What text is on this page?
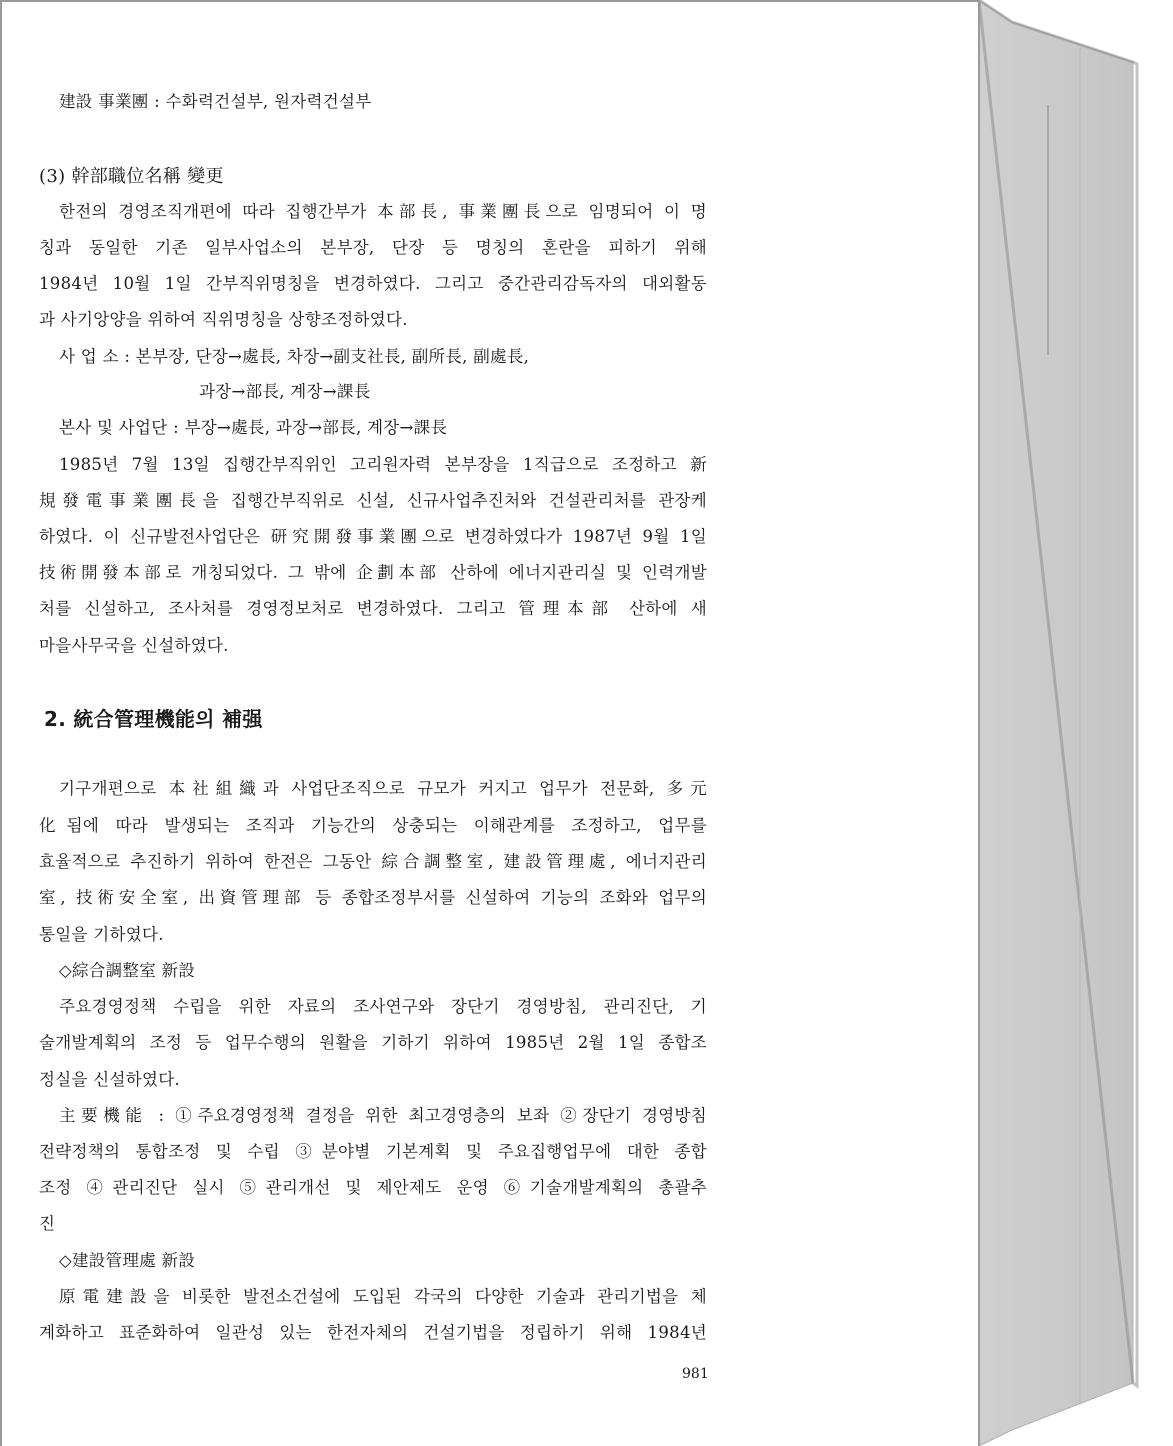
建設 事業團 : 수화력건설부, 원자력건설부
(3) 幹部職位名稱 變更
한전의 경영조직개편에 따라 집행간부가 本部長, 事業團長으로 임명되어 이 명
칭과 동일한 기존 일부사업소의 본부장, 단장 등 명칭의 혼란을 피하기 위해
1984년 10월 1일 간부직위명칭을 변경하였다. 그리고 중간관리감독자의 대외활동
과 사기앙양을 위하여 직위명칭을 상향조정하였다.
사 업 소 : 본부장, 단장→處長, 차장→副支社長, 副所長, 副處長,
과장→部長, 계장→課長
본사 및 사업단 : 부장→處長, 과장→部長, 계장→課長
1985년 7월 13일 집행간부직위인 고리원자력 본부장을 1직급으로 조정하고 新
規發電事業團長을 집행간부직위로 신설, 신규사업추진처와 건설관리처를 관장케
하였다. 이 신규발전사업단은 研究開發事業團으로 변경하였다가 1987년 9월 1일
技術開發本部로 개칭되었다. 그 밖에 企劃本部 산하에 에너지관리실 및 인력개발
처를 신설하고, 조사처를 경영정보처로 변경하였다. 그리고 管理本部 산하에 새
마을사무국을 신설하였다.
2. 統合管理機能의 補强
기구개편으로 本社組織과 사업단조직으로 규모가 커지고 업무가 전문화, 多元
化됨에 따라 발생되는 조직과 기능간의 상충되는 이해관계를 조정하고, 업무를
효율적으로 추진하기 위하여 한전은 그동안 綜合調整室, 建設管理處, 에너지관리
室, 技術安全室, 出資管理部 등 종합조정부서를 신설하여 기능의 조화와 업무의
통일을 기하였다.
◇綜合調整室 新設
주요경영정책 수립을 위한 자료의 조사연구와 장단기 경영방침, 관리진단, 기
술개발계획의 조정 등 업무수행의 원활을 기하기 위하여 1985년 2월 1일 종합조
정실을 신설하였다.
主要機能 : ①주요경영정책 결정을 위한 최고경영층의 보좌 ②장단기 경영방침
전략정책의 통합조정 및 수립 ③분야별 기본계획 및 주요집행업무에 대한 종합
조정 ④관리진단 실시 ⑤관리개선 및 제안제도 운영 ⑥기술개발계획의 총괄추
진
◇建設管理處 新設
原電建設을 비롯한 발전소건설에 도입된 각국의 다양한 기술과 관리기법을 체
계화하고 표준화하여 일관성 있는 한전자체의 건설기법을 정립하기 위해 1984년
981
